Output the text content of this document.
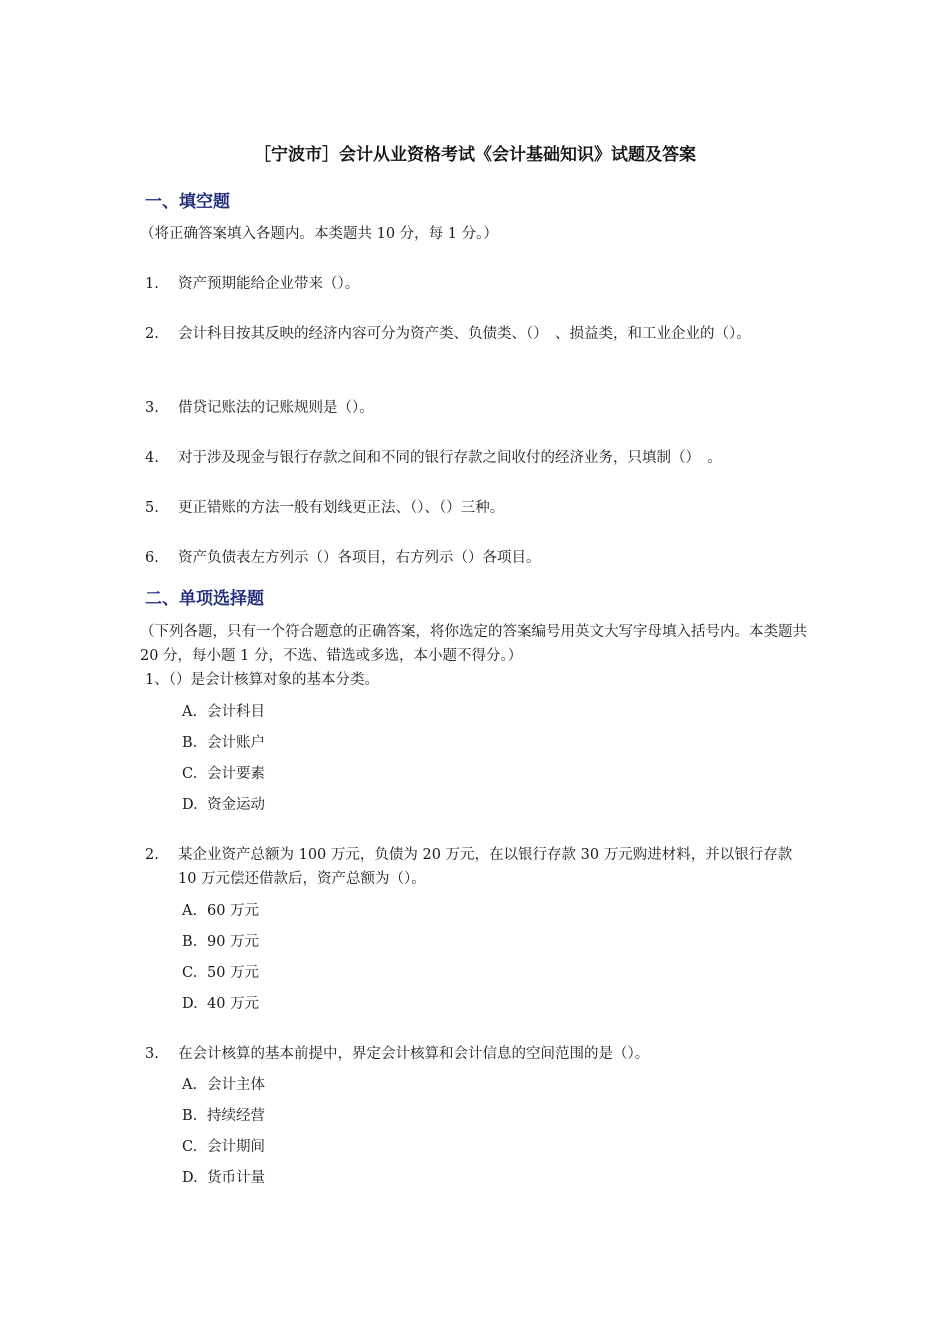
［宁波市］会计从业资格考试《会计基础知识》试题及答案
一、填空题
（将正确答案填入各题内。本类题共 10 分，每 1 分。）
1.	资产预期能给企业带来（）。
2.	会计科目按其反映的经济内容可分为资产类、负债类、（）　、损益类，和工业企业的（）。
3.	借贷记账法的记账规则是（）。
4.	对于涉及现金与银行存款之间和不同的银行存款之间收付的经济业务，只填制（）　。
5.	更正错账的方法一般有划线更正法、（）、（）三种。
6.	资产负债表左方列示（）各项目，右方列示（）各项目。
二、单项选择题
（下列各题，只有一个符合题意的正确答案，将你选定的答案编号用英文大写字母填入括号内。本类题共 20 分，每小题 1 分，不选、错选或多选，本小题不得分。）
1、（）是会计核算对象的基本分类。
A. 会计科目
B. 会计账户
C. 会计要素
D. 资金运动
2.	某企业资产总额为 100 万元，负债为 20 万元，在以银行存款 30 万元购进材料，并以银行存款 10 万元偿还借款后，资产总额为（）。
A. 60 万元
B. 90 万元
C. 50 万元
D. 40 万元
3.	在会计核算的基本前提中，界定会计核算和会计信息的空间范围的是（）。
A. 会计主体
B. 持续经营
C. 会计期间
D. 货币计量
